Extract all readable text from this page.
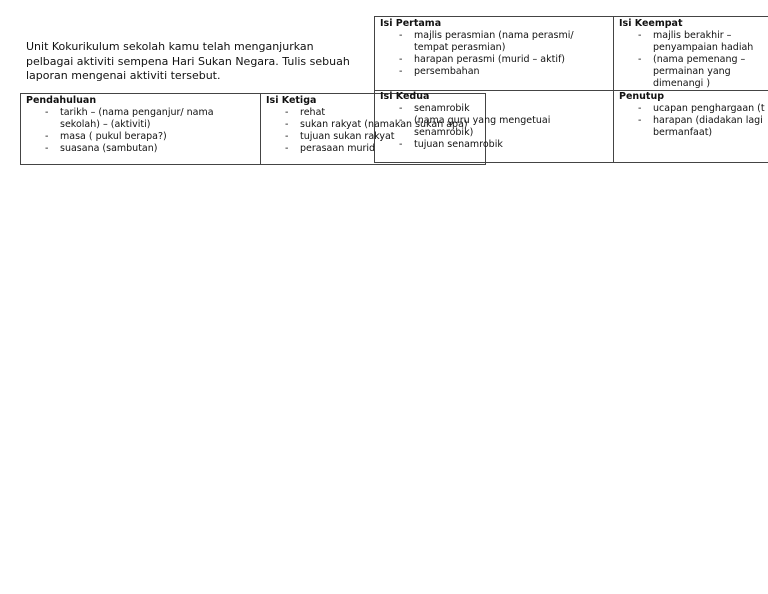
Unit Kokurikulum sekolah kamu telah menganjurkan pelbagai aktiviti sempena Hari Sukan Negara. Tulis sebuah laporan mengenai aktiviti tersebut.
Pendahuluan
- tarikh – (nama penganjur/ nama sekolah) – (aktiviti)
- masa ( pukul berapa?)
- suasana (sambutan)
Isi Ketiga
- rehat
- sukan rakyat (namakan sukan apa)
- tujuan sukan rakyat
- perasaan murid
Isi Pertama
- majlis perasmian (nama perasmi/ tempat perasmian)
- harapan perasmi (murid – aktif)
- persembahan
Isi Keempat
- majlis berakhir – penyampaian hadiah
- (nama pemenang – permainan yang dimenangi )
Isi Kedua
- senamrobik
- (nama guru yang mengetuai senamrobik)
- tujuan senamrobik
Penutup
- ucapan penghargaan (t
- harapan (diadakan lagi bermanfaat)
